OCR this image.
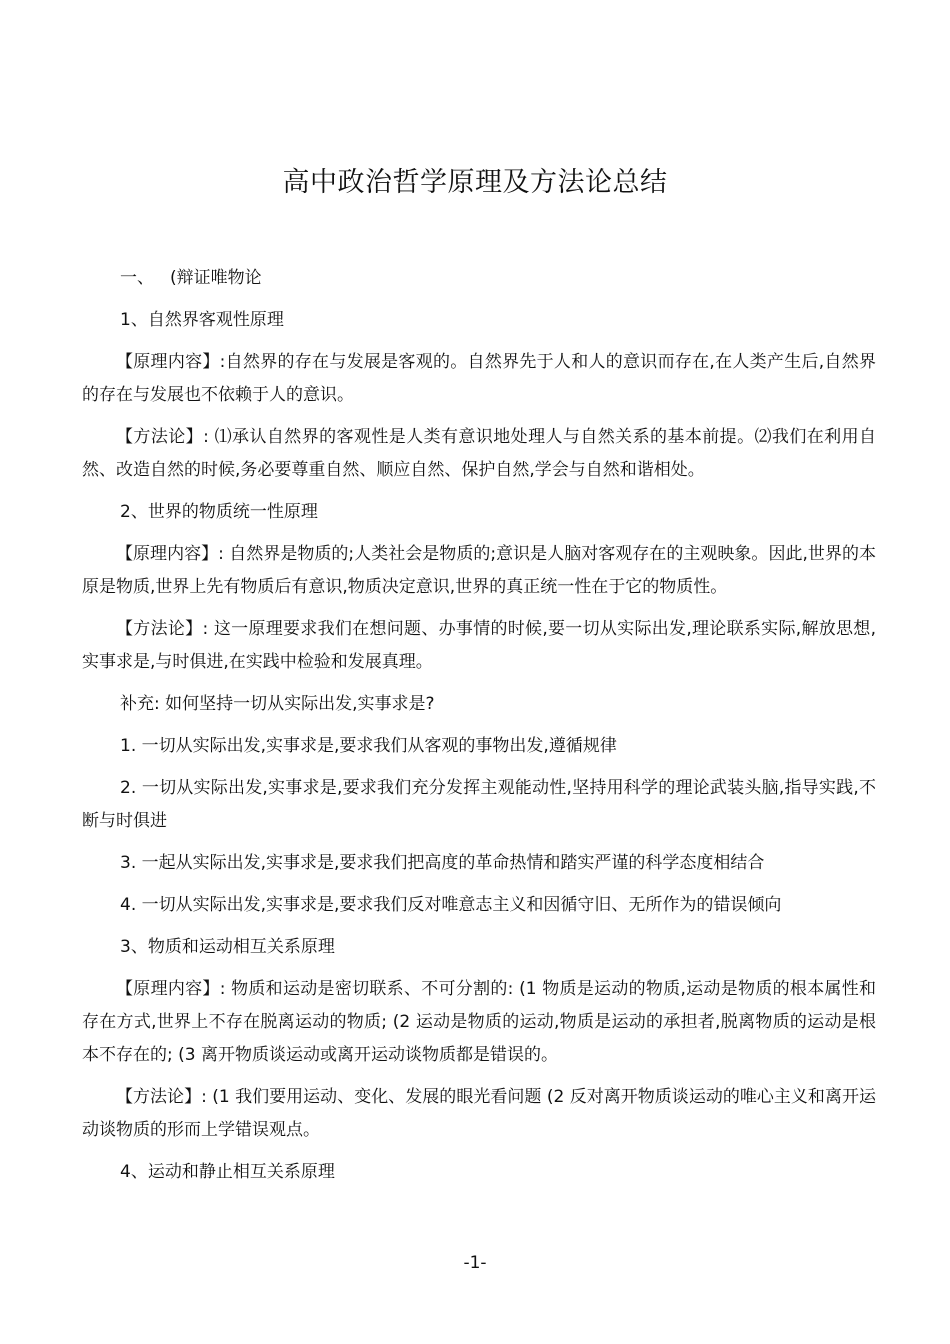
高中政治哲学原理及方法论总结

一、 (辩证唯物论

1、自然界客观性原理

【原理内容】:自然界的存在与发展是客观的。自然界先于人和人的意识而存在,在人类产生后,自然界的存在与发展也不依赖于人的意识。

【方法论】: ⑴承认自然界的客观性是人类有意识地处理人与自然关系的基本前提。⑵我们在利用自然、改造自然的时候,务必要尊重自然、顺应自然、保护自然,学会与自然和谐相处。

2、世界的物质统一性原理

【原理内容】: 自然界是物质的;人类社会是物质的;意识是人脑对客观存在的主观映象。因此,世界的本原是物质,世界上先有物质后有意识,物质决定意识,世界的真正统一性在于它的物质性。

【方法论】: 这一原理要求我们在想问题、办事情的时候,要一切从实际出发,理论联系实际,解放思想,实事求是,与时俱进,在实践中检验和发展真理。

补充: 如何坚持一切从实际出发,实事求是?

1. 一切从实际出发,实事求是,要求我们从客观的事物出发,遵循规律

2. 一切从实际出发,实事求是,要求我们充分发挥主观能动性,坚持用科学的理论武装头脑,指导实践,不断与时俱进

3. 一起从实际出发,实事求是,要求我们把高度的革命热情和踏实严谨的科学态度相结合

4. 一切从实际出发,实事求是,要求我们反对唯意志主义和因循守旧、无所作为的错误倾向

3、物质和运动相互关系原理

【原理内容】: 物质和运动是密切联系、不可分割的: (1 物质是运动的物质,运动是物质的根本属性和存在方式,世界上不存在脱离运动的物质; (2 运动是物质的运动,物质是运动的承担者,脱离物质的运动是根本不存在的; (3 离开物质谈运动或离开运动谈物质都是错误的。

【方法论】: (1 我们要用运动、变化、发展的眼光看问题 (2 反对离开物质谈运动的唯心主义和离开运动谈物质的形而上学错误观点。

4、运动和静止相互关系原理

-1-
